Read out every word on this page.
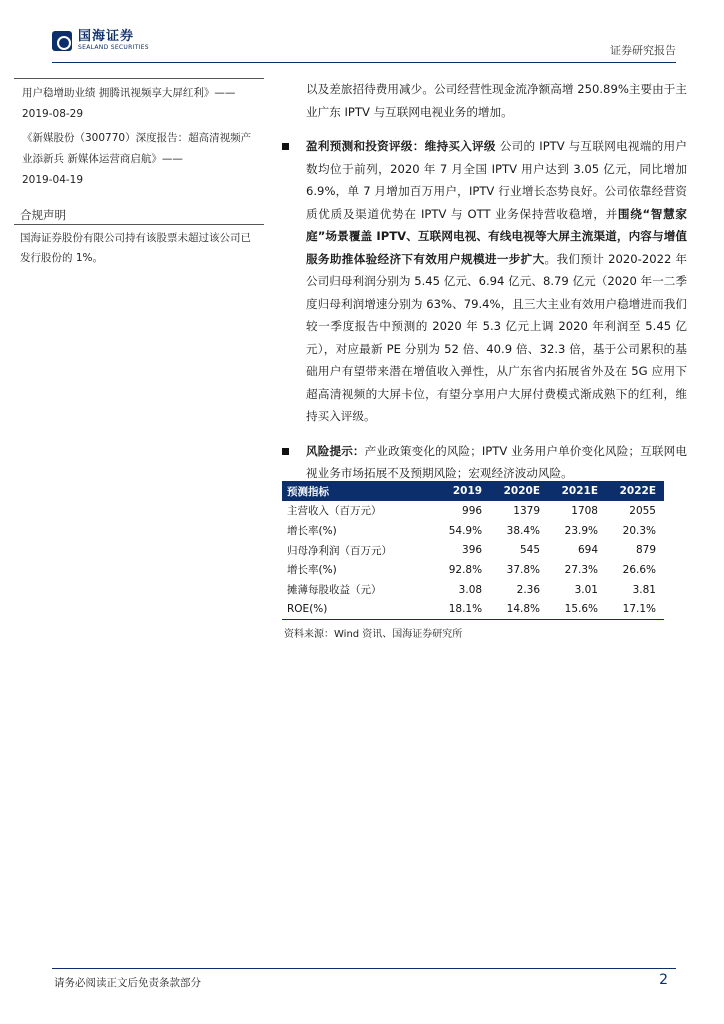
国海证券
SEALAND SECURITIES	证券研究报告
用户稳增助业绩 拥腾讯视频享大屏红利》——
2019-08-29
《新媒股份（300770）深度报告：超高清视频产业添新兵 新媒体运营商启航》——
2019-04-19
合规声明
国海证券股份有限公司持有该股票未超过该公司已发行股份的 1%。
以及差旅招待费用减少。公司经营性现金流净额高增 250.89%主要由于主业广东 IPTV 与互联网电视业务的增加。
盈利预测和投资评级：维持买入评级 公司的 IPTV 与互联网电视端的用户数均位于前列，2020 年 7 月全国 IPTV 用户达到 3.05 亿元，同比增加 6.9%，单 7 月增加百万用户，IPTV 行业增长态势良好。公司依靠经营资质优质及渠道优势在 IPTV 与 OTT 业务保持营收稳增，并围绕“智慧家庭”场景覆盖 IPTV、互联网电视、有线电视等大屏主流渠道，内容与增值服务助推体验经济下有效用户规模进一步扩大。我们预计 2020-2022 年公司归母利润分别为 5.45 亿元、6.94 亿元、8.79 亿元（2020 年一二季度归母利润增速分别为 63%、79.4%，且三大主业有效用户稳增进而我们较一季度报告中预测的 2020 年 5.3 亿元上调 2020 年利润至 5.45 亿元），对应最新 PE 分别为 52 倍、40.9 倍、32.3 倍，基于公司累积的基础用户有望带来潜在增值收入弹性，从广东省内拓展省外及在 5G 应用下超高清视频的大屏卡位，有望分享用户大屏付费模式渐成熟下的红利，维持买入评级。
风险提示：产业政策变化的风险；IPTV 业务用户单价变化风险；互联网电视业务市场拓展不及预期风险；宏观经济波动风险。
预测指标	2019	2020E	2021E	2022E
主营收入（百万元）	996	1379	1708	2055
增长率(%)	54.9%	38.4%	23.9%	20.3%
归母净利润（百万元）	396	545	694	879
增长率(%)	92.8%	37.8%	27.3%	26.6%
摊薄每股收益（元）	3.08	2.36	3.01	3.81
ROE(%)	18.1%	14.8%	15.6%	17.1%
资料来源：Wind 资讯、国海证券研究所
请务必阅读正文后免责条款部分	2
